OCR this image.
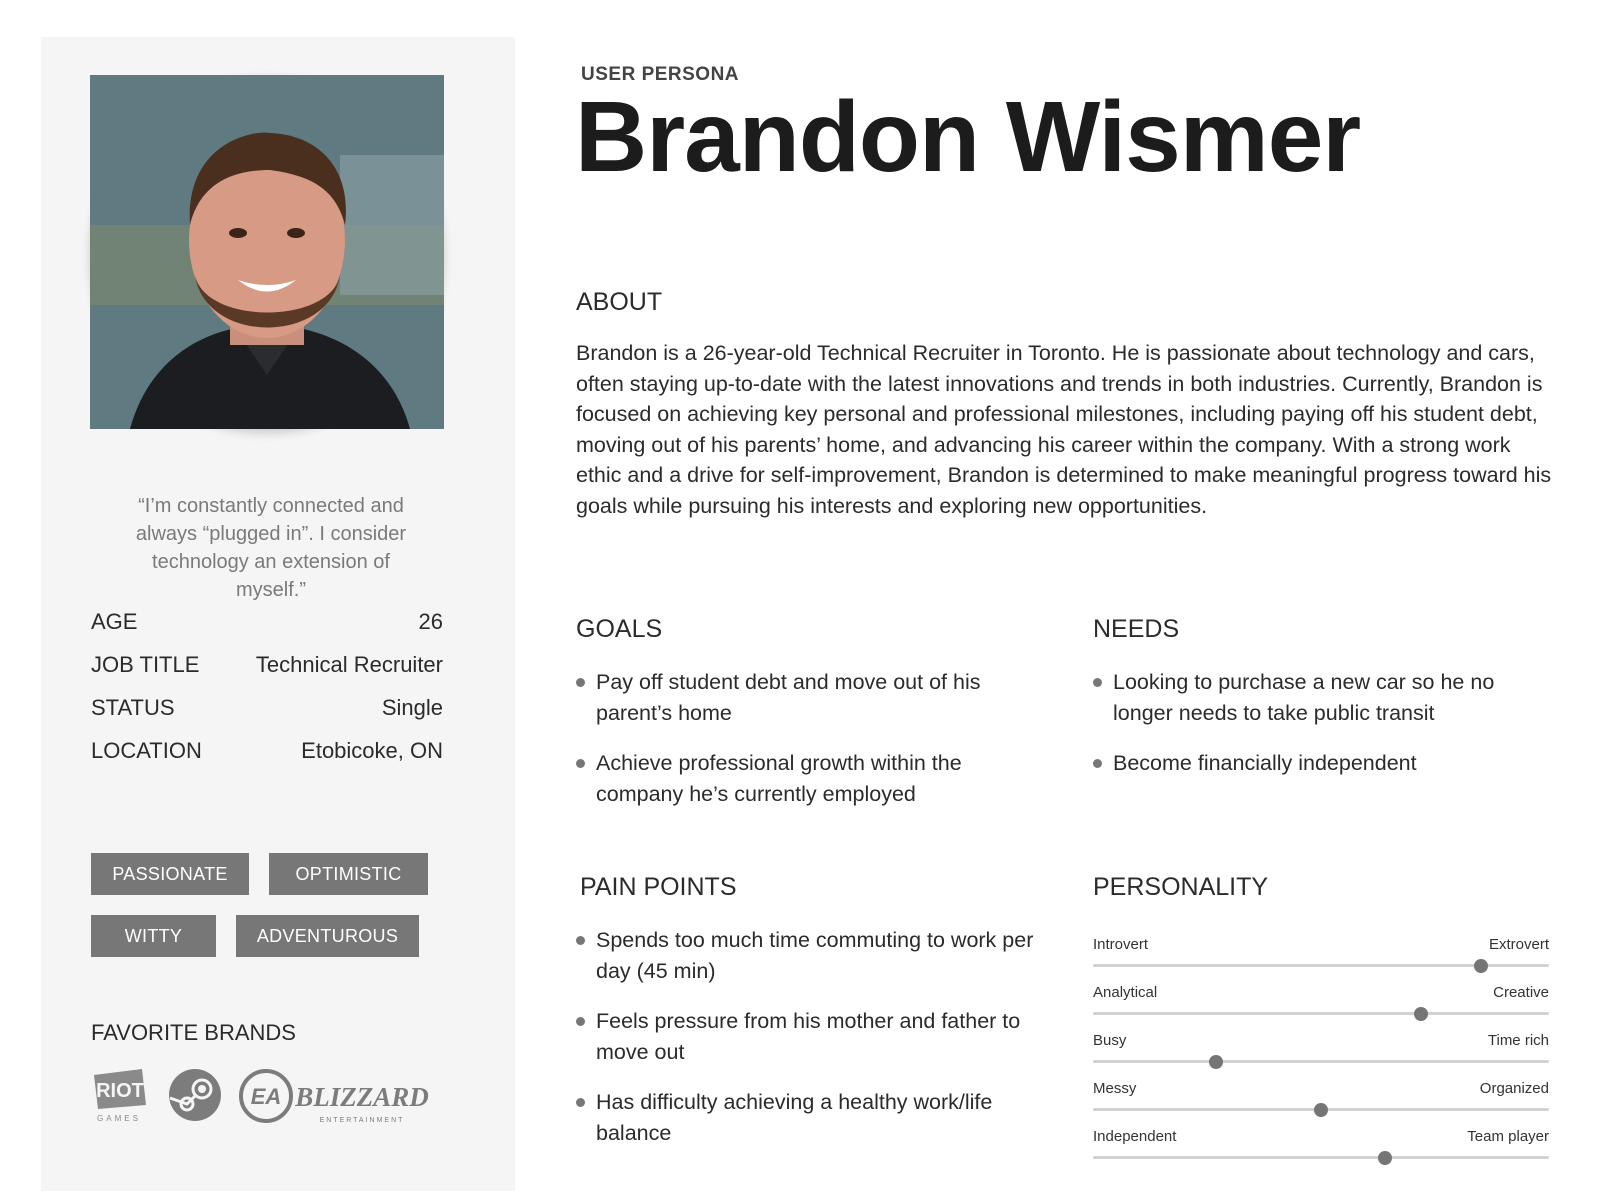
“I’m constantly connected and always “plugged in”. I consider technology an extension of myself.”
AGE	26
JOB TITLE	Technical Recruiter
STATUS	Single
LOCATION	Etobicoke, ON
PASSIONATE	OPTIMISTIC
WITTY	ADVENTUROUS
FAVORITE BRANDS
RIOT
GAMES
EA BLIZZARD
ENTERTAINMENT
USER PERSONA
Brandon Wismer
ABOUT
Brandon is a 26-year-old Technical Recruiter in Toronto. He is passionate about technology and cars, often staying up-to-date with the latest innovations and trends in both industries. Currently, Brandon is focused on achieving key personal and professional milestones, including paying off his student debt, moving out of his parents’ home, and advancing his career within the company. With a strong work ethic and a drive for self-improvement, Brandon is determined to make meaningful progress toward his goals while pursuing his interests and exploring new opportunities.
GOALS
Pay off student debt and move out of his parent’s home
Achieve professional growth within the company he’s currently employed
NEEDS
Looking to purchase a new car so he no longer needs to take public transit
Become financially independent
PAIN POINTS
Spends too much time commuting to work per day (45 min)
Feels pressure from his mother and father to move out
Has difficulty achieving a healthy work/life balance
PERSONALITY
Introvert	Extrovert
Analytical	Creative
Busy	Time rich
Messy	Organized
Independent	Team player
